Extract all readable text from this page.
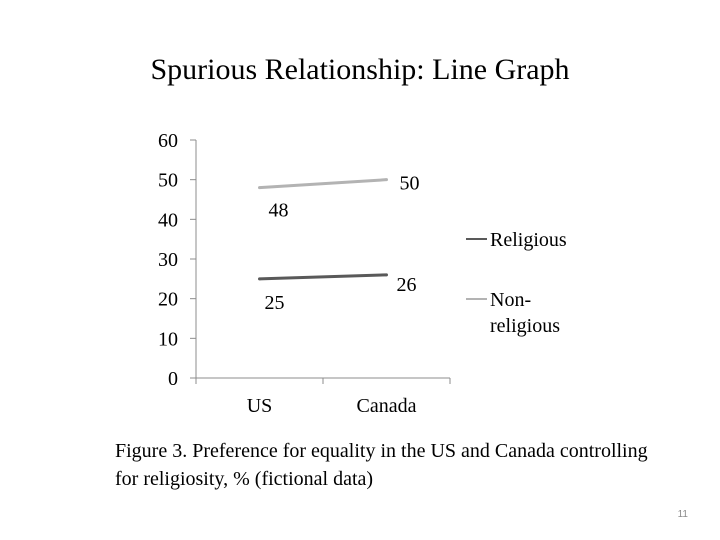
Spurious Relationship: Line Graph
0
10
20
30
40
50
60
US	Canada
48
50
25
26
Religious
Non-religious
Figure 3. Preference for equality in the US and Canada controlling for religiosity, % (fictional data)
11
